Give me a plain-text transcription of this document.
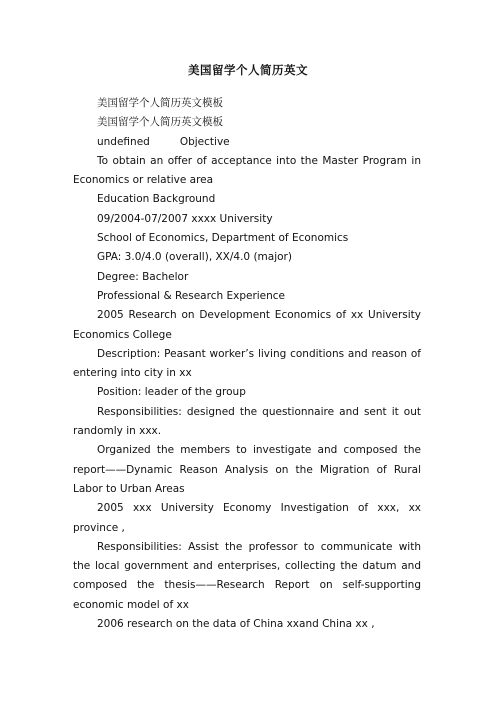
美国留学个人简历英文

美国留学个人简历英文模板

美国留学个人简历英文模板

undefined	Objective

To obtain an offer of acceptance into the Master Program in Economics or relative area

Education Background

09/2004-07/2007 xxxx University

School of Economics, Department of Economics

GPA: 3.0/4.0 (overall), XX/4.0 (major)

Degree: Bachelor

Professional & Research Experience

2005 Research on Development Economics of xx University Economics College

Description: Peasant worker’s living conditions and reason of entering into city in xx

Position: leader of the group

Responsibilities: designed the questionnaire and sent it out randomly in xxx.

Organized the members to investigate and composed the report——Dynamic Reason Analysis on the Migration of Rural Labor to Urban Areas

2005 xxx University Economy Investigation of xxx, xx province ,

Responsibilities: Assist the professor to communicate with the local government and enterprises, collecting the datum and composed the thesis——Research Report on self-supporting economic model of xx

2006 research on the data of China xxand China xx ,
